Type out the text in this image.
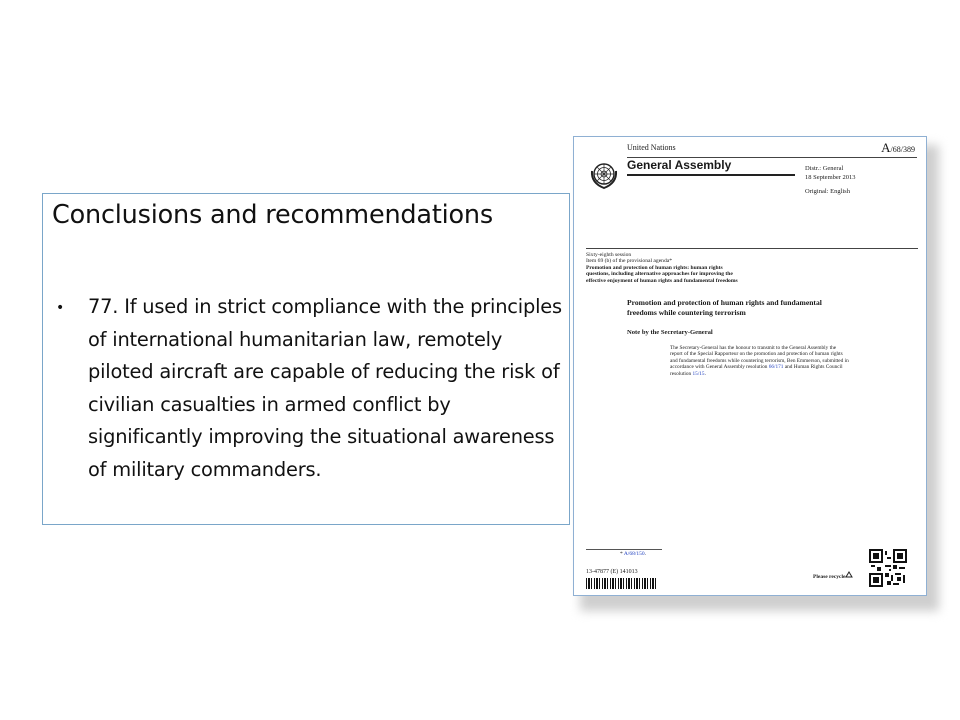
Conclusions and recommendations
• 77. If used in strict compliance with the principles of international humanitarian law, remotely piloted aircraft are capable of reducing the risk of civilian casualties in armed conflict by significantly improving the situational awareness of military commanders.
United Nations	A/68/389
General Assembly	Distr.: General
18 September 2013
Original: English
Sixty-eighth session
Item 69 (b) of the provisional agenda*
Promotion and protection of human rights: human rights
questions, including alternative approaches for improving the
effective enjoyment of human rights and fundamental freedoms
Promotion and protection of human rights and fundamental
freedoms while countering terrorism
Note by the Secretary-General
The Secretary-General has the honour to transmit to the General Assembly the
report of the Special Rapporteur on the promotion and protection of human rights
and fundamental freedoms while countering terrorism, Ben Emmerson, submitted in
accordance with General Assembly resolution 66/171 and Human Rights Council
resolution 15/15.
* A/68/150.
13-47877 (E) 141013
Please recycle
